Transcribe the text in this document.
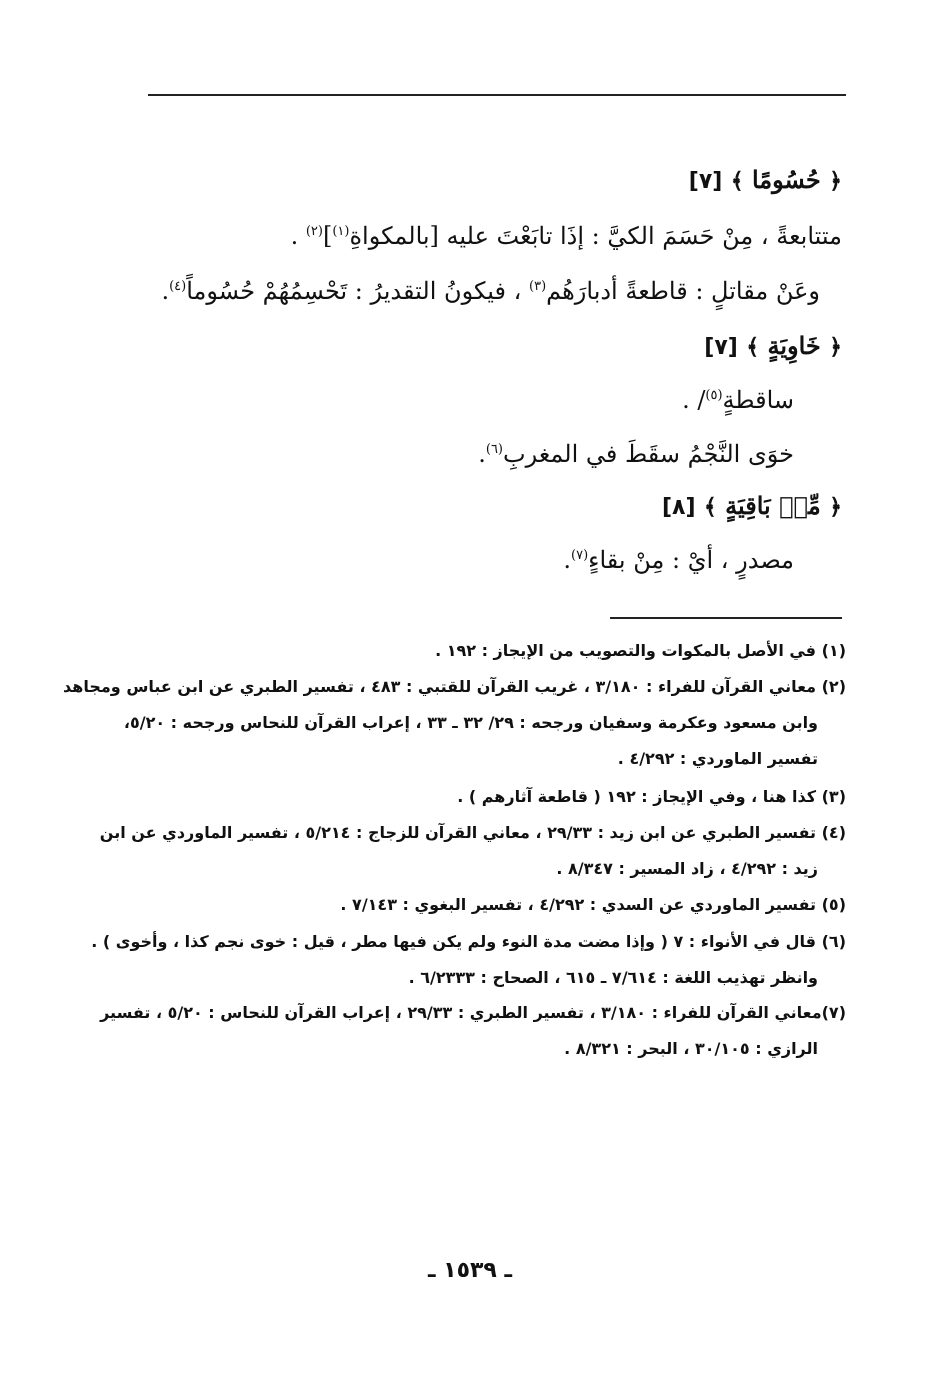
﴿ حُسُومًا ﴾ [٧]
متتابعةً ، مِنْ حَسَمَ الكيَّ : إذَا تابَعْتَ عليه [بالمكواةِ$^{(١)}$]$^{(٢)}$ .
وعَنْ مقاتلٍ : قاطعةً أدبارَهُم$^{(٣)}$ ، فيكونُ التقديرُ : تَحْسِمُهُمْ حُسُوماً$^{(٤)}$.
﴿ خَاوِيَةٍ ﴾ [٧]
ساقطةٍ$^{(٥)}$/ .
خوَى النَّجْمُ سقَطَ في المغربِ$^{(٦)}$.
﴿ مِّنۢ بَاقِيَةٍ ﴾ [٨]
مصدرٍ ، أيْ : مِنْ بقاءٍ$^{(٧)}$.
(١) في الأصل بالمكوات والتصويب من الإيجاز : ١٩٢ .
(٢) معاني القرآن للفراء : ٣/١٨٠ ، غريب القرآن للقتبي : ٤٨٣ ، تفسير الطبري عن ابن عباس ومجاهد
وابن مسعود وعكرمة وسفيان ورجحه : ٢٩/ ٣٢ ـ ٣٣ ، إعراب القرآن للنحاس ورجحه : ٥/٢٠،
تفسير الماوردي : ٤/٢٩٢ .
(٣) كذا هنا ، وفي الإيجاز : ١٩٢ ( قاطعة آثارهم ) .
(٤) تفسير الطبري عن ابن زيد : ٢٩/٣٣ ، معاني القرآن للزجاج : ٥/٢١٤ ، تفسير الماوردي عن ابن
زيد : ٤/٢٩٢ ، زاد المسير : ٨/٣٤٧ .
(٥) تفسير الماوردي عن السدي : ٤/٢٩٢ ، تفسير البغوي : ٧/١٤٣ .
(٦) قال في الأنواء : ٧ ( وإذا مضت مدة النوء ولم يكن فيها مطر ، قيل : خوى نجم كذا ، وأخوى ) .
وانظر تهذيب اللغة : ٧/٦١٤ ـ ٦١٥ ، الصحاح : ٦/٢٣٣٣ .
(٧)معاني القرآن للفراء : ٣/١٨٠ ، تفسير الطبري : ٢٩/٣٣ ، إعراب القرآن للنحاس : ٥/٢٠ ، تفسير
الرازي : ٣٠/١٠٥ ، البحر : ٨/٣٢١ .
ـ ١٥٣٩ ـ
